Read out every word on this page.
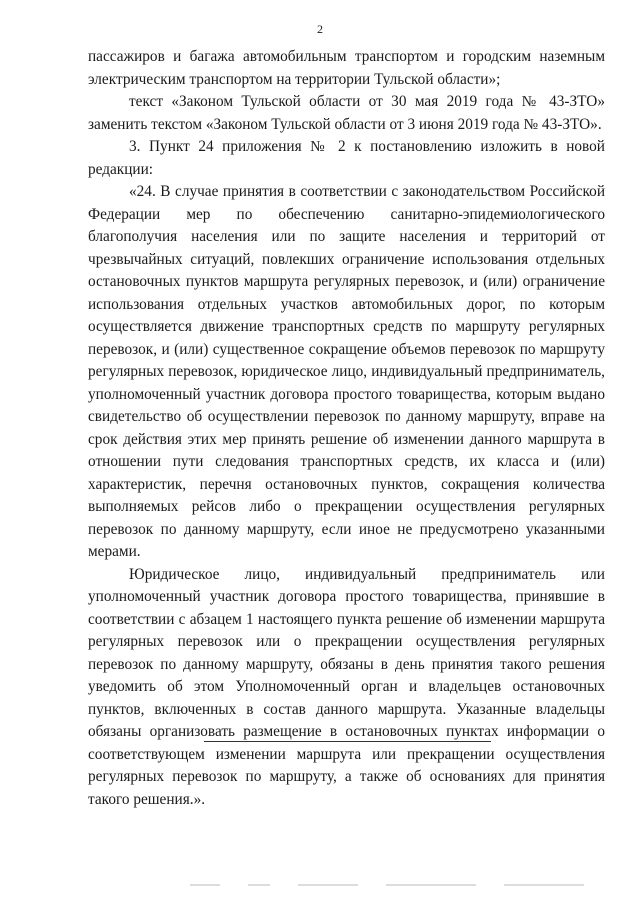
2

пассажиров и багажа автомобильным транспортом и городским наземным электрическим транспортом на территории Тульской области»;

текст «Законом Тульской области от 30 мая 2019 года № 43-ЗТО» заменить текстом «Законом Тульской области от 3 июня 2019 года № 43-ЗТО».

3. Пункт 24 приложения № 2 к постановлению изложить в новой редакции:

«24. В случае принятия в соответствии с законодательством Российской Федерации мер по обеспечению санитарно-эпидемиологического благополучия населения или по защите населения и территорий от чрезвычайных ситуаций, повлекших ограничение использования отдельных остановочных пунктов маршрута регулярных перевозок, и (или) ограничение использования отдельных участков автомобильных дорог, по которым осуществляется движение транспортных средств по маршруту регулярных перевозок, и (или) существенное сокращение объемов перевозок по маршруту регулярных перевозок, юридическое лицо, индивидуальный предприниматель, уполномоченный участник договора простого товарищества, которым выдано свидетельство об осуществлении перевозок по данному маршруту, вправе на срок действия этих мер принять решение об изменении данного маршрута в отношении пути следования транспортных средств, их класса и (или) характеристик, перечня остановочных пунктов, сокращения количества выполняемых рейсов либо о прекращении осуществления регулярных перевозок по данному маршруту, если иное не предусмотрено указанными мерами.

Юридическое лицо, индивидуальный предприниматель или уполномоченный участник договора простого товарищества, принявшие в соответствии с абзацем 1 настоящего пункта решение об изменении маршрута регулярных перевозок или о прекращении осуществления регулярных перевозок по данному маршруту, обязаны в день принятия такого решения уведомить об этом Уполномоченный орган и владельцев остановочных пунктов, включенных в состав данного маршрута. Указанные владельцы обязаны организовать размещение в остановочных пунктах информации о соответствующем изменении маршрута или прекращении осуществления регулярных перевозок по маршруту, а также об основаниях для принятия такого решения.».
